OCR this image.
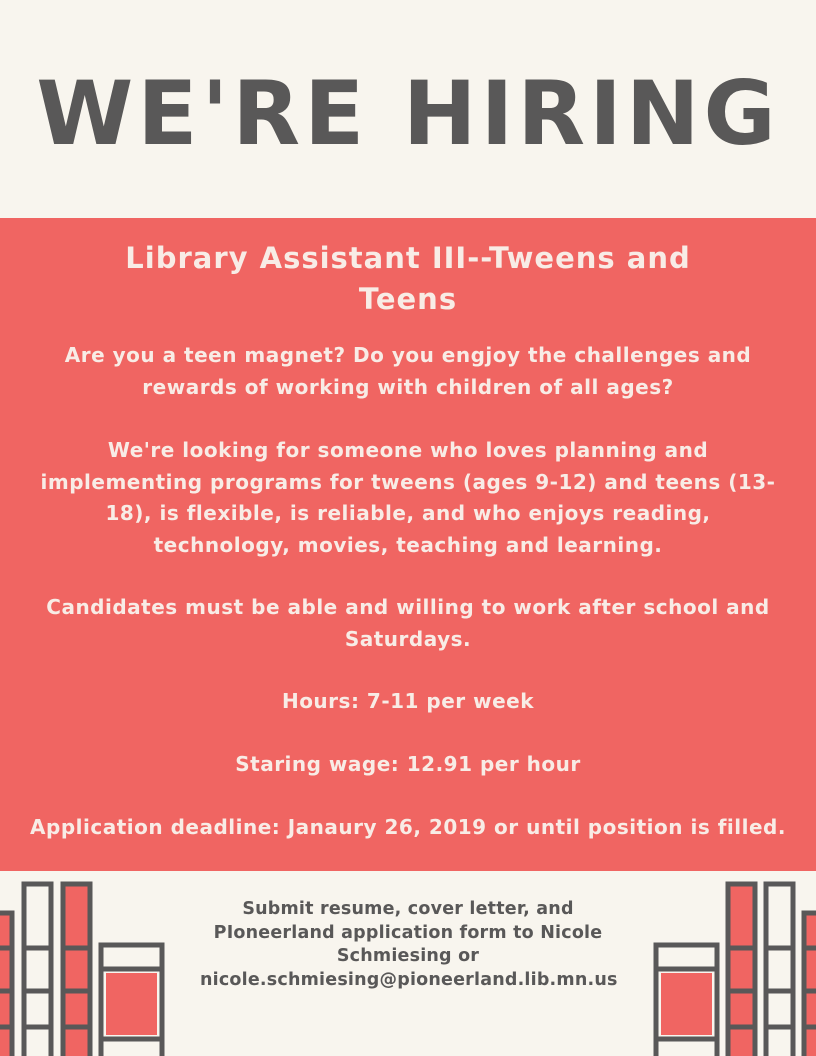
WE'RE HIRING
Library Assistant III--Tweens and Teens

Are you a teen magnet? Do you engjoy the challenges and rewards of working with children of all ages?

We're looking for someone who loves planning and implementing programs for tweens (ages 9-12) and teens (13-18), is flexible, is reliable, and who enjoys reading, technology, movies, teaching and learning.

Candidates must be able and willing to work after school and Saturdays.

Hours: 7-11 per week

Staring wage: 12.91 per hour

Application deadline: Janaury 26, 2019 or until position is filled.

Submit resume, cover letter, and PIoneerland application form to Nicole Schmiesing or nicole.schmiesing@pioneerland.lib.mn.us
